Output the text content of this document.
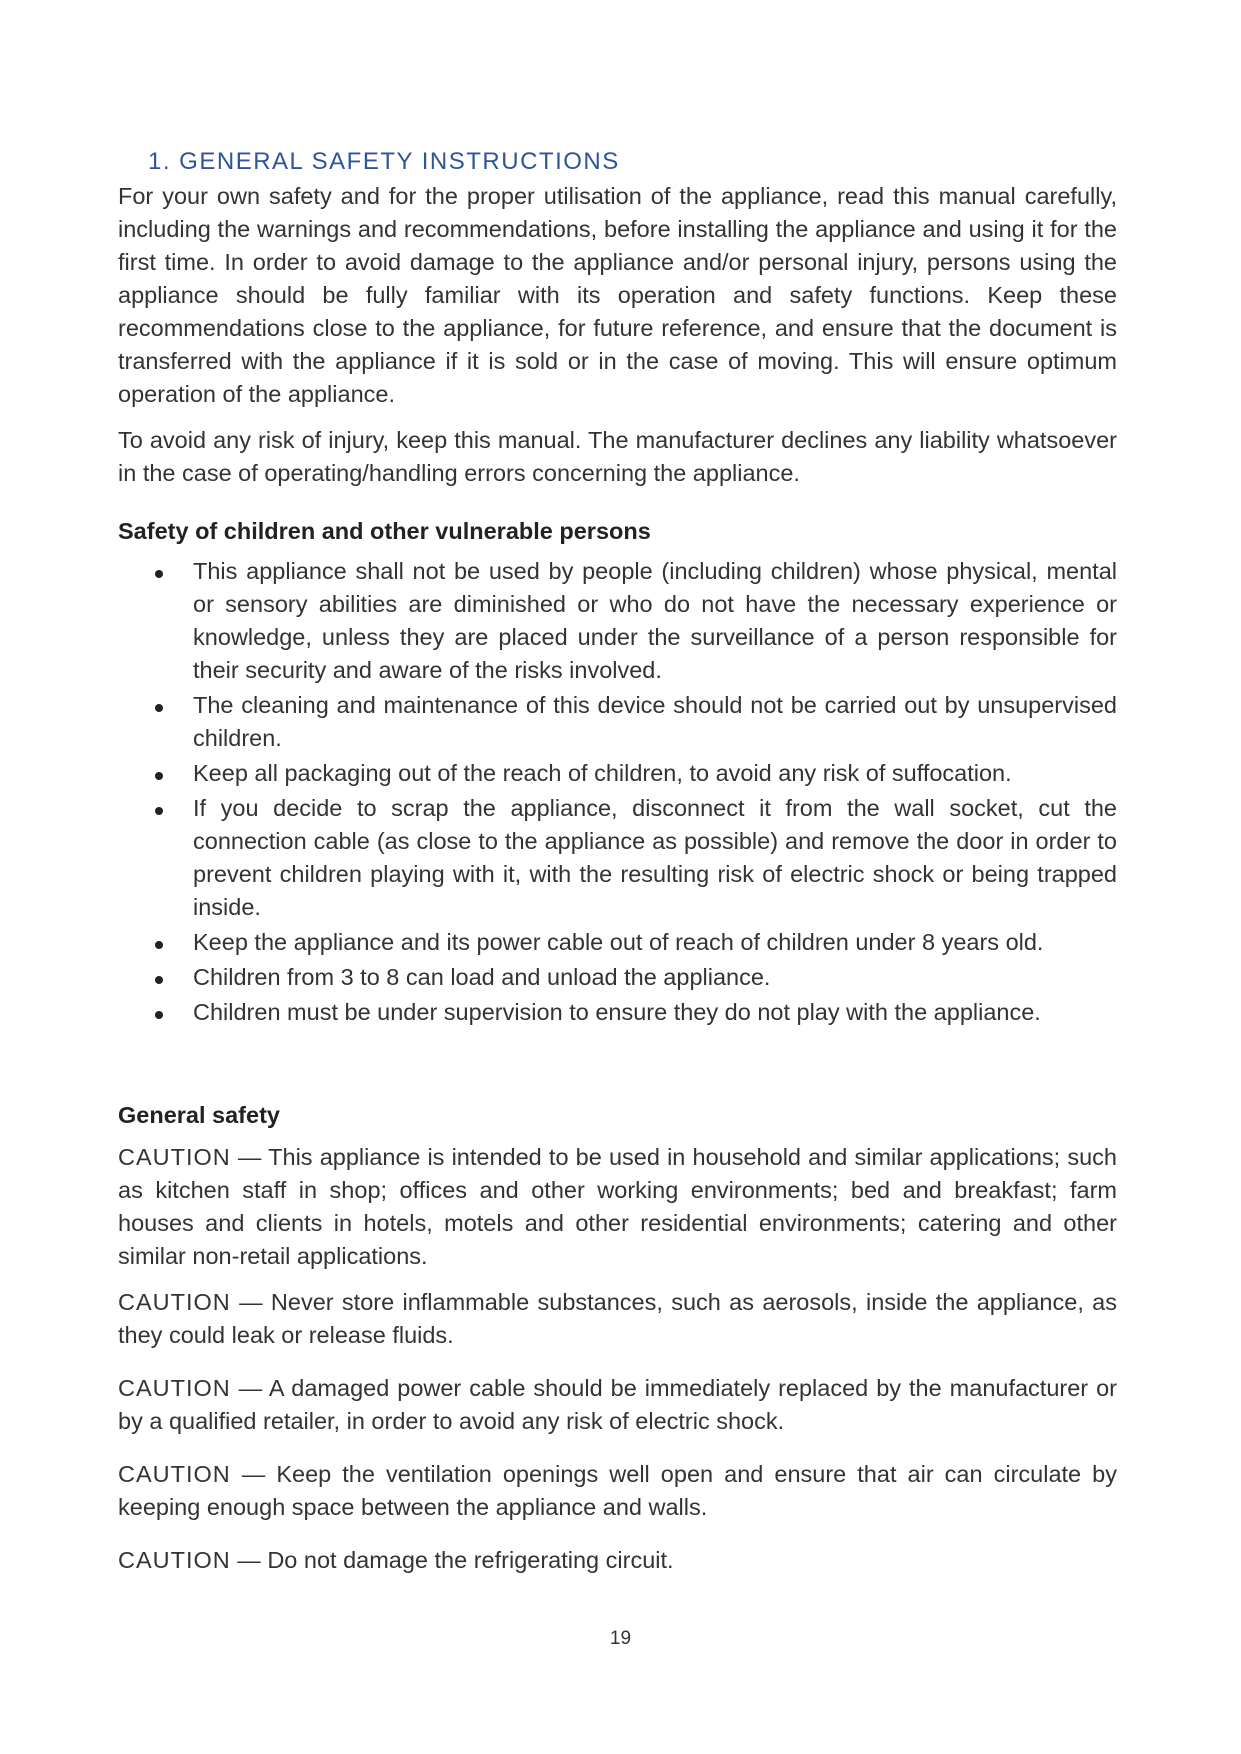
1. GENERAL SAFETY INSTRUCTIONS

For your own safety and for the proper utilisation of the appliance, read this manual carefully, including the warnings and recommendations, before installing the appliance and using it for the first time. In order to avoid damage to the appliance and/or personal injury, persons using the appliance should be fully familiar with its operation and safety functions. Keep these recommendations close to the appliance, for future reference, and ensure that the document is transferred with the appliance if it is sold or in the case of moving. This will ensure optimum operation of the appliance.

To avoid any risk of injury, keep this manual. The manufacturer declines any liability whatsoever in the case of operating/handling errors concerning the appliance.

Safety of children and other vulnerable persons
This appliance shall not be used by people (including children) whose physical, mental or sensory abilities are diminished or who do not have the necessary experience or knowledge, unless they are placed under the surveillance of a person responsible for their security and aware of the risks involved.
The cleaning and maintenance of this device should not be carried out by unsupervised children.
Keep all packaging out of the reach of children, to avoid any risk of suffocation.
If you decide to scrap the appliance, disconnect it from the wall socket, cut the connection cable (as close to the appliance as possible) and remove the door in order to prevent children playing with it, with the resulting risk of electric shock or being trapped inside.
Keep the appliance and its power cable out of reach of children under 8 years old.
Children from 3 to 8 can load and unload the appliance.
Children must be under supervision to ensure they do not play with the appliance.
General safety

CAUTION — This appliance is intended to be used in household and similar applications; such as kitchen staff in shop; offices and other working environments; bed and breakfast; farm houses and clients in hotels, motels and other residential environments; catering and other similar non-retail applications.

CAUTION — Never store inflammable substances, such as aerosols, inside the appliance, as they could leak or release fluids.

CAUTION — A damaged power cable should be immediately replaced by the manufacturer or by a qualified retailer, in order to avoid any risk of electric shock.

CAUTION — Keep the ventilation openings well open and ensure that air can circulate by keeping enough space between the appliance and walls.

CAUTION — Do not damage the refrigerating circuit.

19
